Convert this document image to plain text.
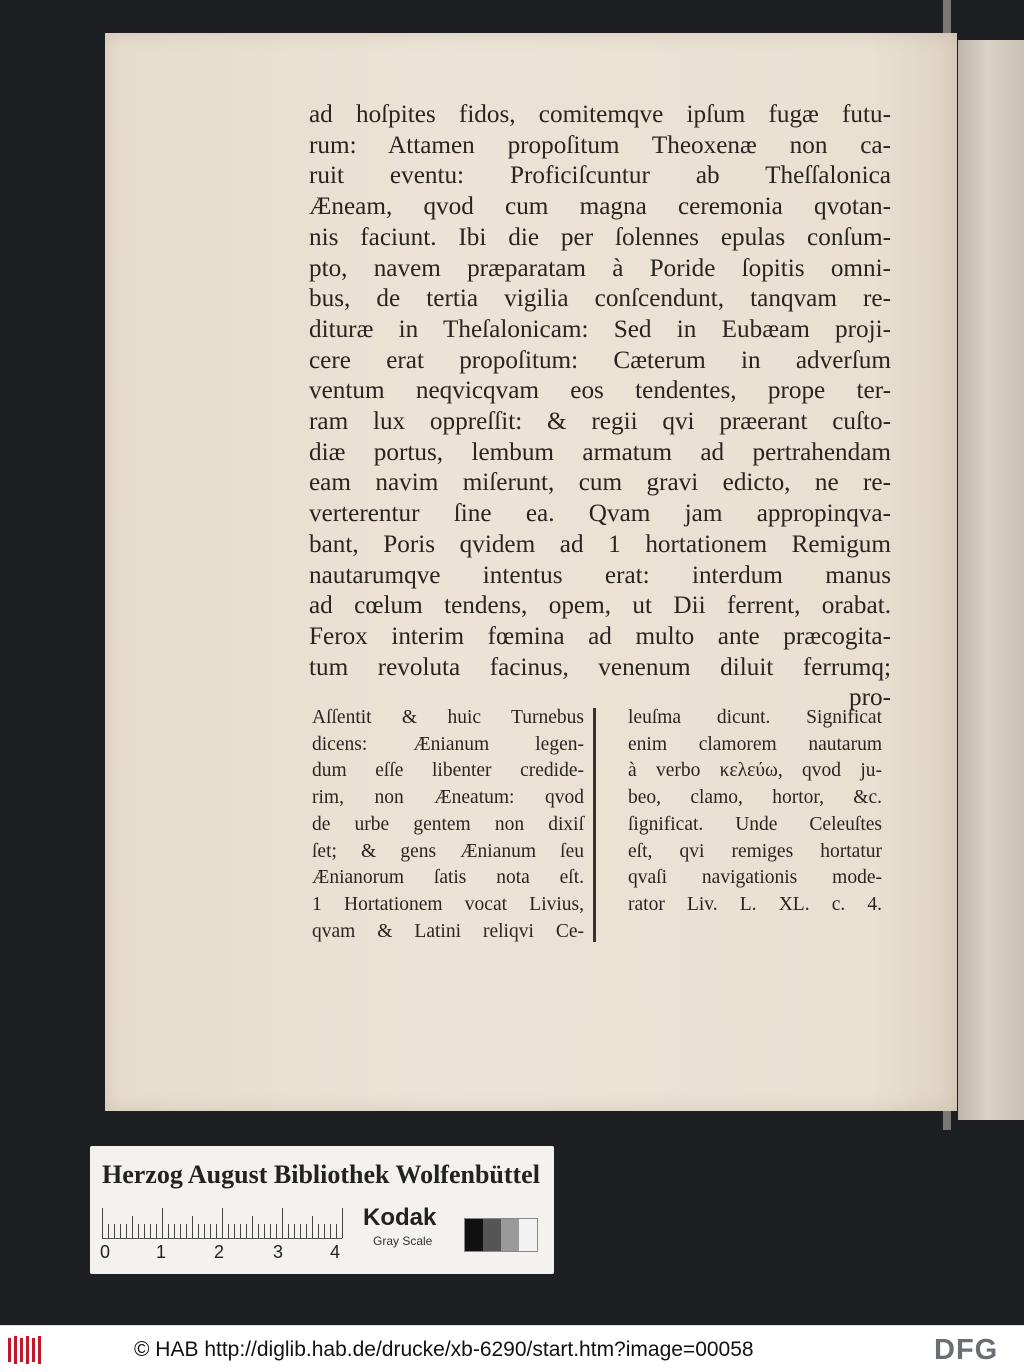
ad hoſpites fidos, comitemqve ipſum fugæ futu-
rum: Attamen propoſitum Theoxenæ non ca-
ruit eventu: Proficiſcuntur ab Theſſalonica
Æneam, qvod cum magna ceremonia qvotan-
nis faciunt. Ibi die per ſolennes epulas conſum-
pto, navem præparatam à Poride ſopitis omni-
bus, de tertia vigilia conſcendunt, tanqvam re-
dituræ in Theſalonicam: Sed in Eubæam proji-
cere erat propoſitum: Cæterum in adverſum
ventum neqvicqvam eos tendentes, prope ter-
ram lux oppreſſit: & regii qvi præerant cuſto-
diæ portus, lembum armatum ad pertrahendam
eam navim miſerunt, cum gravi edicto, ne re-
verterentur ſine ea. Qvam jam appropinqva-
bant, Poris qvidem ad 1 hortationem Remigum
nautarumqve intentus erat: interdum manus
ad cœlum tendens, opem, ut Dii ferrent, orabat.
Ferox interim fœmina ad multo ante præcogita-
tum revoluta facinus, venenum diluit ferrumq;
pro-
Aſſentit & huic Turnebus
dicens: Ænianum legen-
dum eſſe libenter credide-
rim, non Æneatum: qvod
de urbe gentem non dixiſ
ſet; & gens Ænianum ſeu
Ænianorum ſatis nota eſt.
1 Hortationem vocat Livius,
qvam & Latini reliqvi Ce-
leuſma dicunt. Significat
enim clamorem nautarum
à verbo κελεύω, qvod ju-
beo, clamo, hortor, &c.
ſignificat. Unde Celeuſtes
eſt, qvi remiges hortatur
qvaſi navigationis mode-
rator Liv. L. XL. c. 4.
Herzog August Bibliothek Wolfenbüttel
0	1	2	3	4
Kodak
Gray Scale
© HAB http://diglib.hab.de/drucke/xb-6290/start.htm?image=00058	DFG
